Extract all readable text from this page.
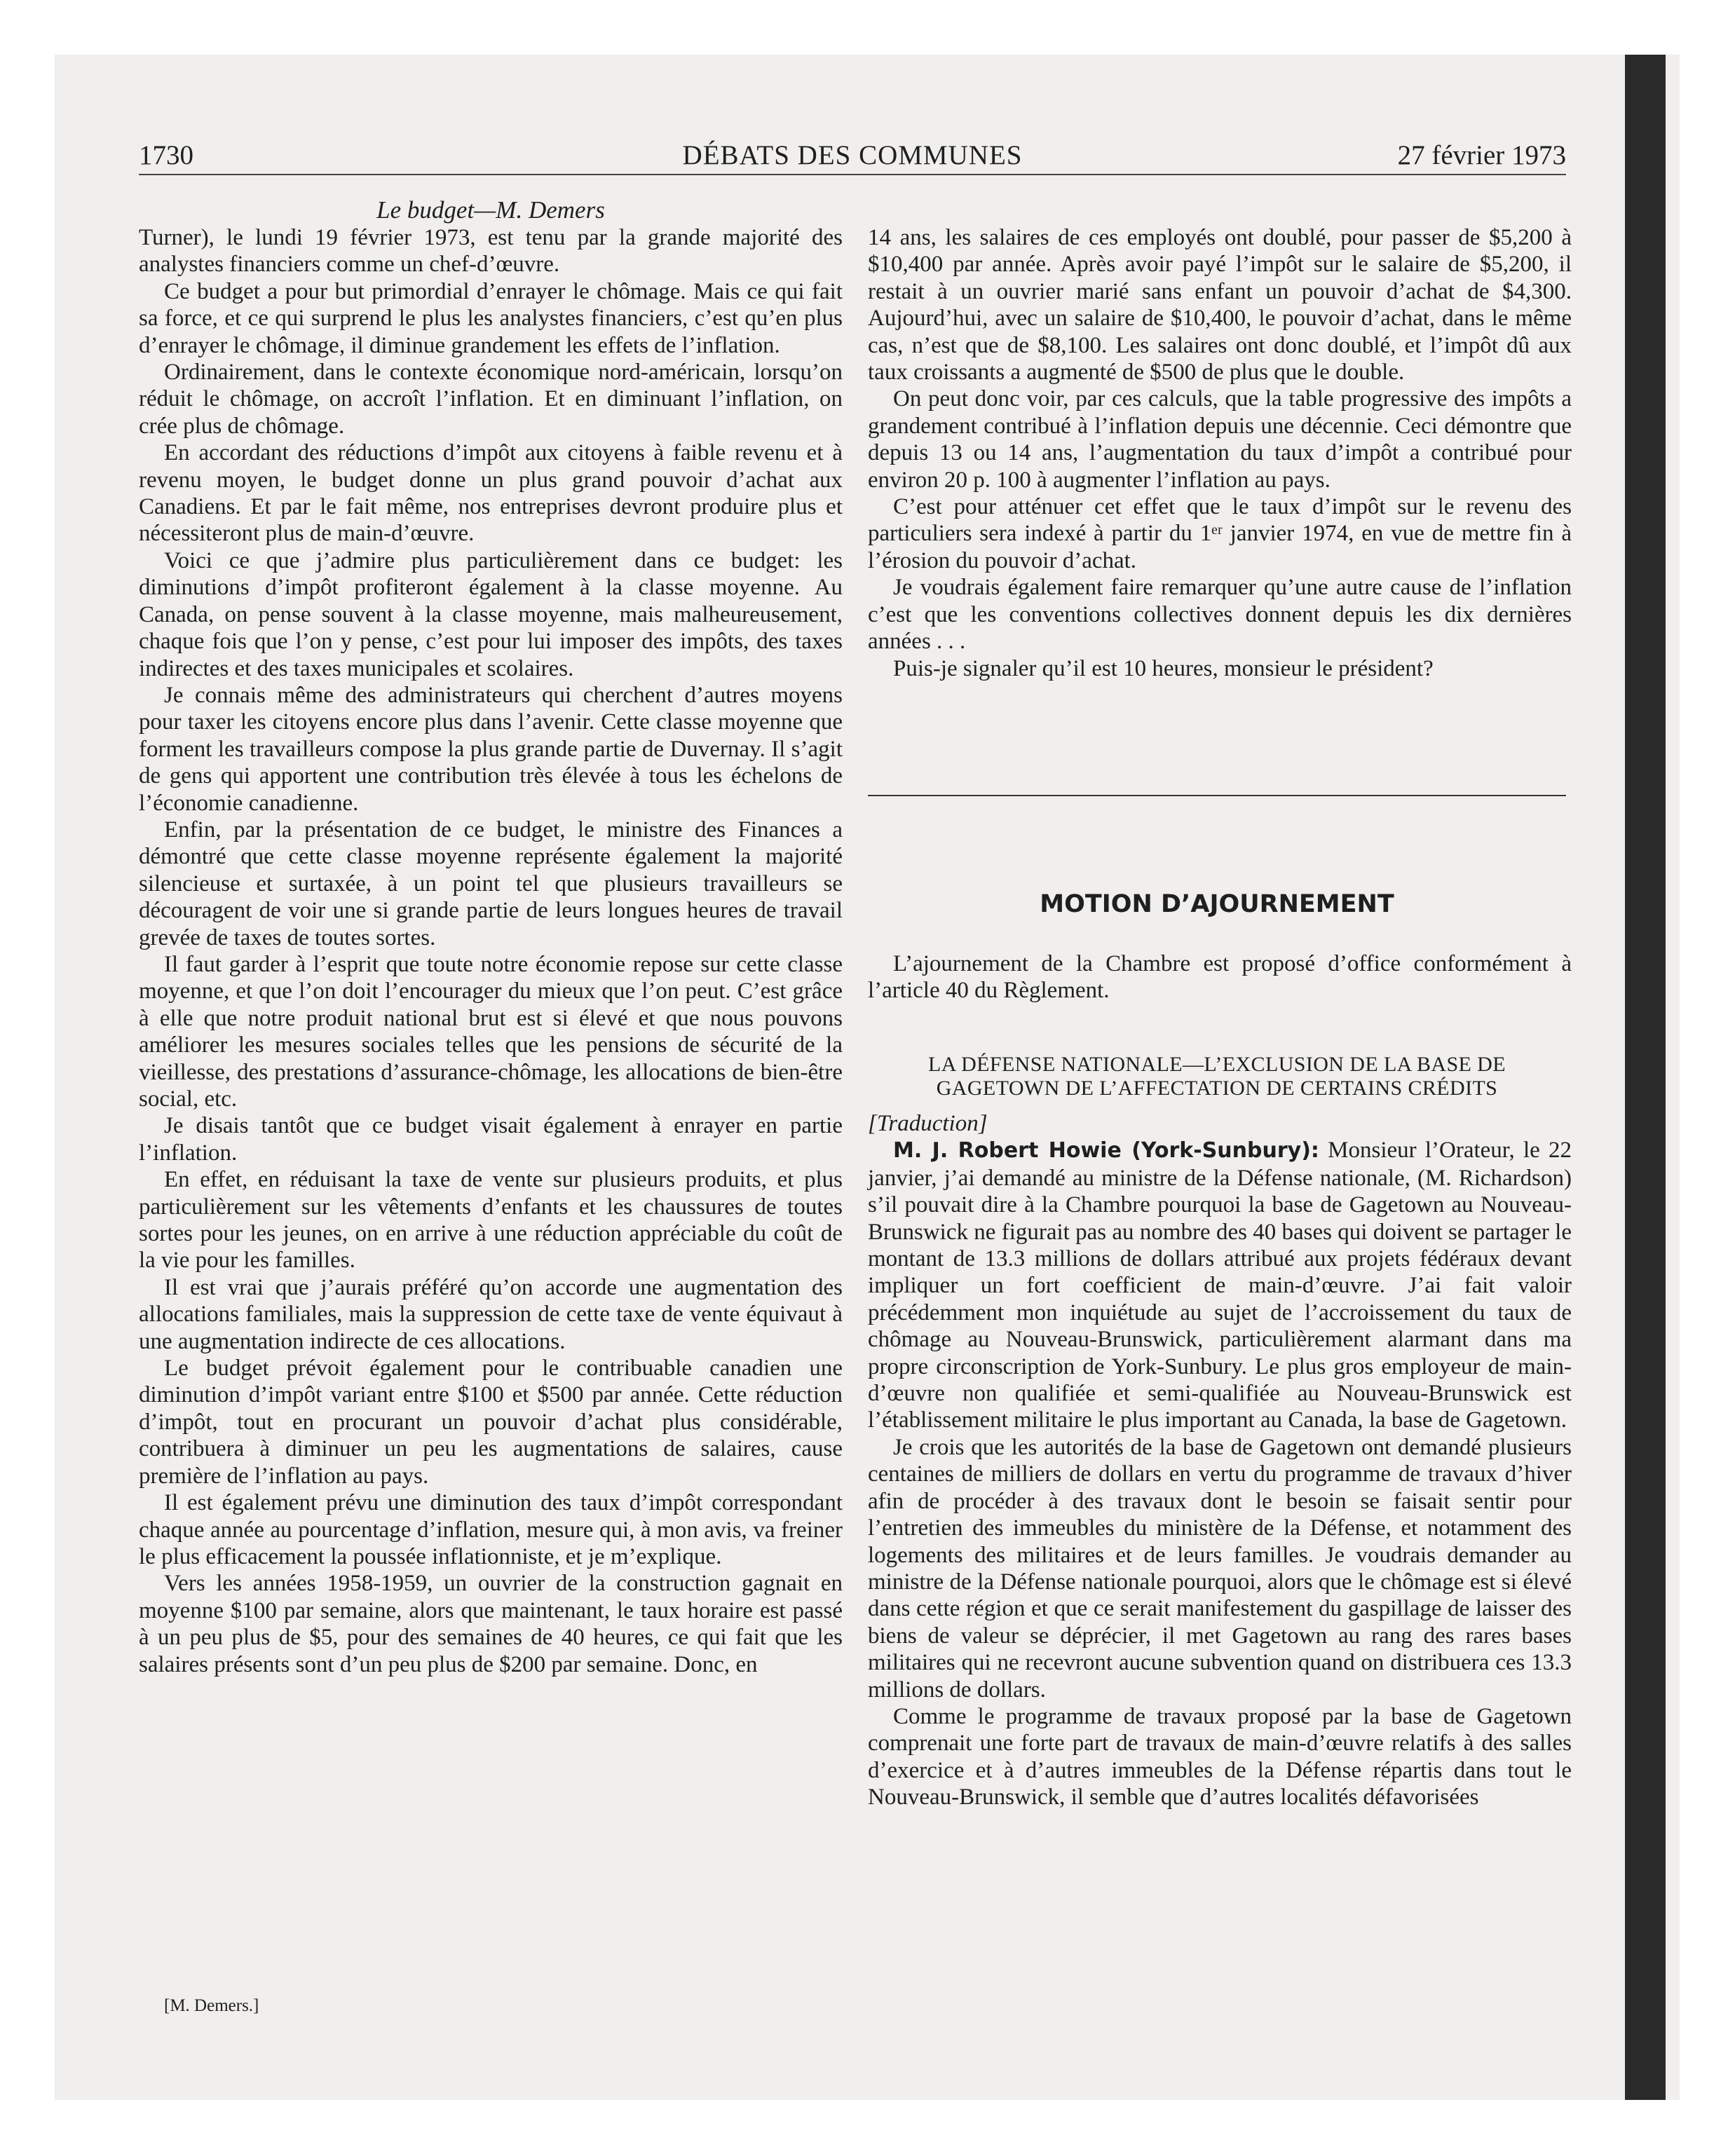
1730	DÉBATS DES COMMUNES	27 février 1973
Le budget—M. Demers

Turner), le lundi 19 février 1973, est tenu par la grande majorité des analystes financiers comme un chef-d’œuvre.

Ce budget a pour but primordial d’enrayer le chômage. Mais ce qui fait sa force, et ce qui surprend le plus les analystes financiers, c’est qu’en plus d’enrayer le chômage, il diminue grandement les effets de l’inflation.

Ordinairement, dans le contexte économique nord-américain, lorsqu’on réduit le chômage, on accroît l’inflation. Et en diminuant l’inflation, on crée plus de chômage.

En accordant des réductions d’impôt aux citoyens à faible revenu et à revenu moyen, le budget donne un plus grand pouvoir d’achat aux Canadiens. Et par le fait même, nos entreprises devront produire plus et nécessiteront plus de main-d’œuvre.

Voici ce que j’admire plus particulièrement dans ce budget: les diminutions d’impôt profiteront également à la classe moyenne. Au Canada, on pense souvent à la classe moyenne, mais malheureusement, chaque fois que l’on y pense, c’est pour lui imposer des impôts, des taxes indirectes et des taxes municipales et scolaires.

Je connais même des administrateurs qui cherchent d’autres moyens pour taxer les citoyens encore plus dans l’avenir. Cette classe moyenne que forment les travailleurs compose la plus grande partie de Duvernay. Il s’agit de gens qui apportent une contribution très élevée à tous les échelons de l’économie canadienne.

Enfin, par la présentation de ce budget, le ministre des Finances a démontré que cette classe moyenne représente également la majorité silencieuse et surtaxée, à un point tel que plusieurs travailleurs se découragent de voir une si grande partie de leurs longues heures de travail grevée de taxes de toutes sortes.

Il faut garder à l’esprit que toute notre économie repose sur cette classe moyenne, et que l’on doit l’encourager du mieux que l’on peut. C’est grâce à elle que notre produit national brut est si élevé et que nous pouvons améliorer les mesures sociales telles que les pensions de sécurité de la vieillesse, des prestations d’assurance-chômage, les allocations de bien-être social, etc.

Je disais tantôt que ce budget visait également à enrayer en partie l’inflation.

En effet, en réduisant la taxe de vente sur plusieurs produits, et plus particulièrement sur les vêtements d’enfants et les chaussures de toutes sortes pour les jeunes, on en arrive à une réduction appréciable du coût de la vie pour les familles.

Il est vrai que j’aurais préféré qu’on accorde une augmentation des allocations familiales, mais la suppression de cette taxe de vente équivaut à une augmentation indirecte de ces allocations.

Le budget prévoit également pour le contribuable canadien une diminution d’impôt variant entre $100 et $500 par année. Cette réduction d’impôt, tout en procurant un pouvoir d’achat plus considérable, contribuera à diminuer un peu les augmentations de salaires, cause première de l’inflation au pays.

Il est également prévu une diminution des taux d’impôt correspondant chaque année au pourcentage d’inflation, mesure qui, à mon avis, va freiner le plus efficacement la poussée inflationniste, et je m’explique.

Vers les années 1958-1959, un ouvrier de la construction gagnait en moyenne $100 par semaine, alors que maintenant, le taux horaire est passé à un peu plus de $5, pour des semaines de 40 heures, ce qui fait que les salaires présents sont d’un peu plus de $200 par semaine. Donc, en

14 ans, les salaires de ces employés ont doublé, pour passer de $5,200 à $10,400 par année. Après avoir payé l’impôt sur le salaire de $5,200, il restait à un ouvrier marié sans enfant un pouvoir d’achat de $4,300. Aujourd’hui, avec un salaire de $10,400, le pouvoir d’achat, dans le même cas, n’est que de $8,100. Les salaires ont donc doublé, et l’impôt dû aux taux croissants a augmenté de $500 de plus que le double.

On peut donc voir, par ces calculs, que la table progressive des impôts a grandement contribué à l’inflation depuis une décennie. Ceci démontre que depuis 13 ou 14 ans, l’augmentation du taux d’impôt a contribué pour environ 20 p. 100 à augmenter l’inflation au pays.

C’est pour atténuer cet effet que le taux d’impôt sur le revenu des particuliers sera indexé à partir du 1ᵉʳ janvier 1974, en vue de mettre fin à l’érosion du pouvoir d’achat.

Je voudrais également faire remarquer qu’une autre cause de l’inflation c’est que les conventions collectives donnent depuis les dix dernières années . . .

Puis-je signaler qu’il est 10 heures, monsieur le président?

MOTION D’AJOURNEMENT

L’ajournement de la Chambre est proposé d’office conformément à l’article 40 du Règlement.

LA DÉFENSE NATIONALE—L’EXCLUSION DE LA BASE DE GAGETOWN DE L’AFFECTATION DE CERTAINS CRÉDITS

[Traduction]

M. J. Robert Howie (York-Sunbury): Monsieur l’Orateur, le 22 janvier, j’ai demandé au ministre de la Défense nationale, (M. Richardson) s’il pouvait dire à la Chambre pourquoi la base de Gagetown au Nouveau-Brunswick ne figurait pas au nombre des 40 bases qui doivent se partager le montant de 13.3 millions de dollars attribué aux projets fédéraux devant impliquer un fort coefficient de main-d’œuvre. J’ai fait valoir précédemment mon inquiétude au sujet de l’accroissement du taux de chômage au Nouveau-Brunswick, particulièrement alarmant dans ma propre circonscription de York-Sunbury. Le plus gros employeur de main-d’œuvre non qualifiée et semi-qualifiée au Nouveau-Brunswick est l’établissement militaire le plus important au Canada, la base de Gagetown.

Je crois que les autorités de la base de Gagetown ont demandé plusieurs centaines de milliers de dollars en vertu du programme de travaux d’hiver afin de procéder à des travaux dont le besoin se faisait sentir pour l’entretien des immeubles du ministère de la Défense, et notamment des logements des militaires et de leurs familles. Je voudrais demander au ministre de la Défense nationale pourquoi, alors que le chômage est si élevé dans cette région et que ce serait manifestement du gaspillage de laisser des biens de valeur se déprécier, il met Gagetown au rang des rares bases militaires qui ne recevront aucune subvention quand on distribuera ces 13.3 millions de dollars.

Comme le programme de travaux proposé par la base de Gagetown comprenait une forte part de travaux de main-d’œuvre relatifs à des salles d’exercice et à d’autres immeubles de la Défense répartis dans tout le Nouveau-Brunswick, il semble que d’autres localités défavorisées

[M. Demers.]
